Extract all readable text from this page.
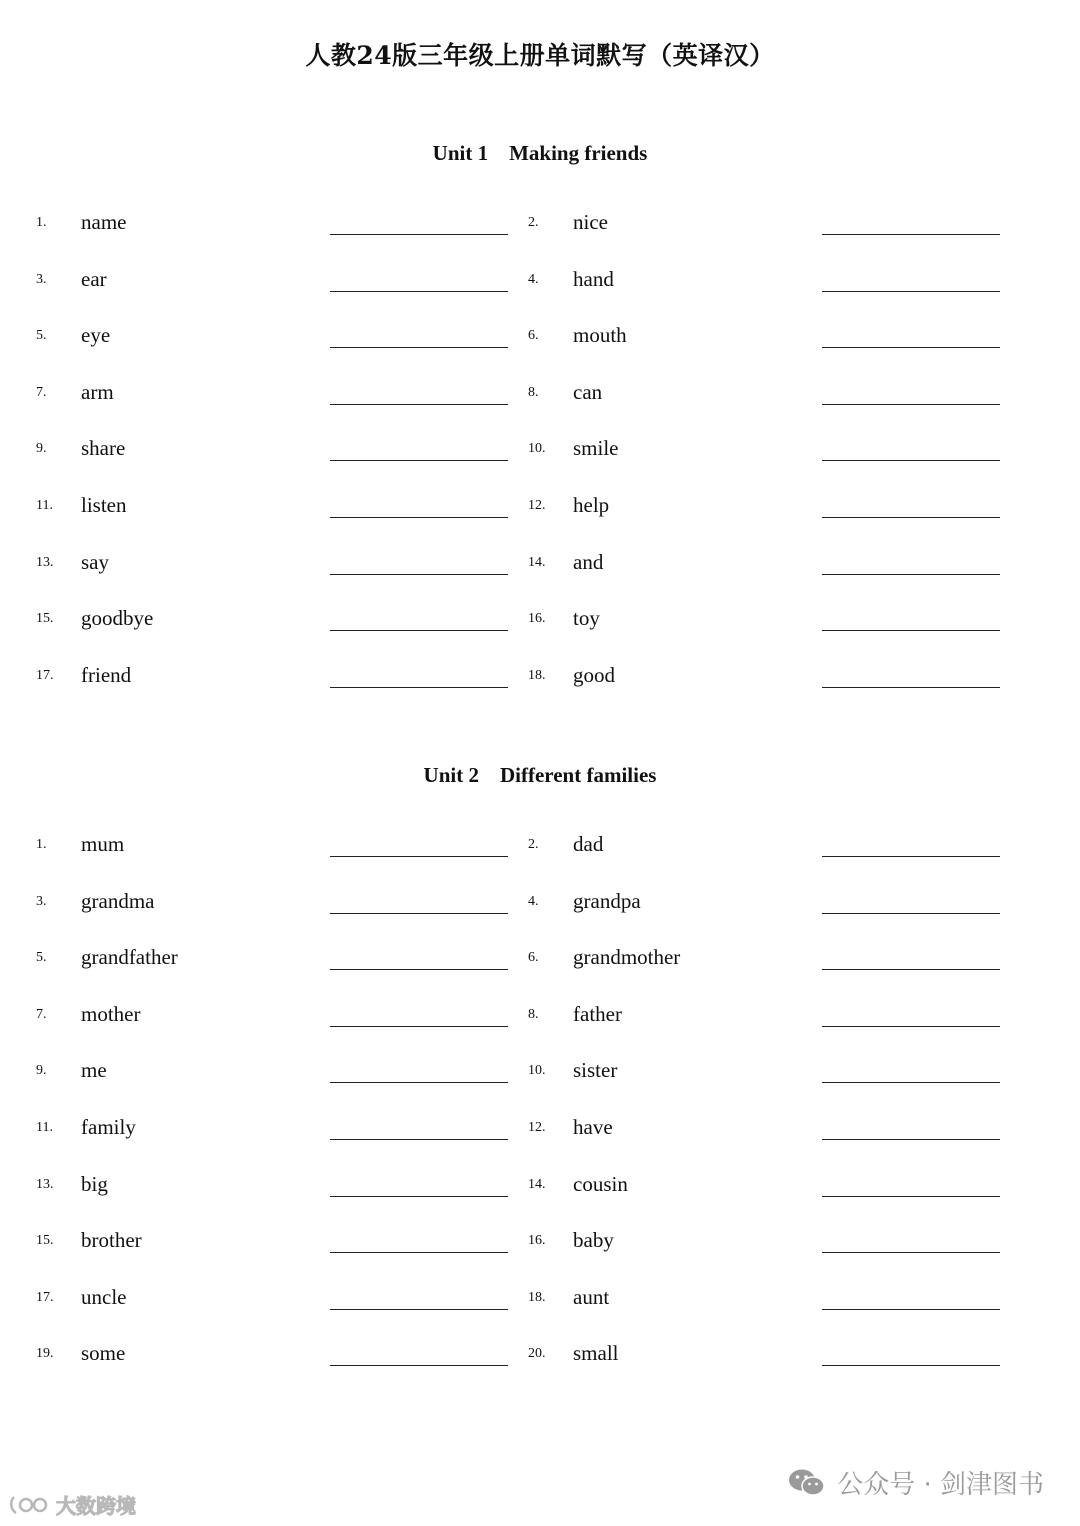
人教24版三年级上册单词默写（英译汉）
Unit 1    Making friends
1. name	2. nice
3. ear	4. hand
5. eye	6. mouth
7. arm	8. can
9. share	10. smile
11. listen	12. help
13. say	14. and
15. goodbye	16. toy
17. friend	18. good
Unit 2    Different families
1. mum	2. dad
3. grandma	4. grandpa
5. grandfather	6. grandmother
7. mother	8. father
9. me	10. sister
11. family	12. have
13. big	14. cousin
15. brother	16. baby
17. uncle	18. aunt
19. some	20. small
公众号 · 剑津图书
大数跨境
